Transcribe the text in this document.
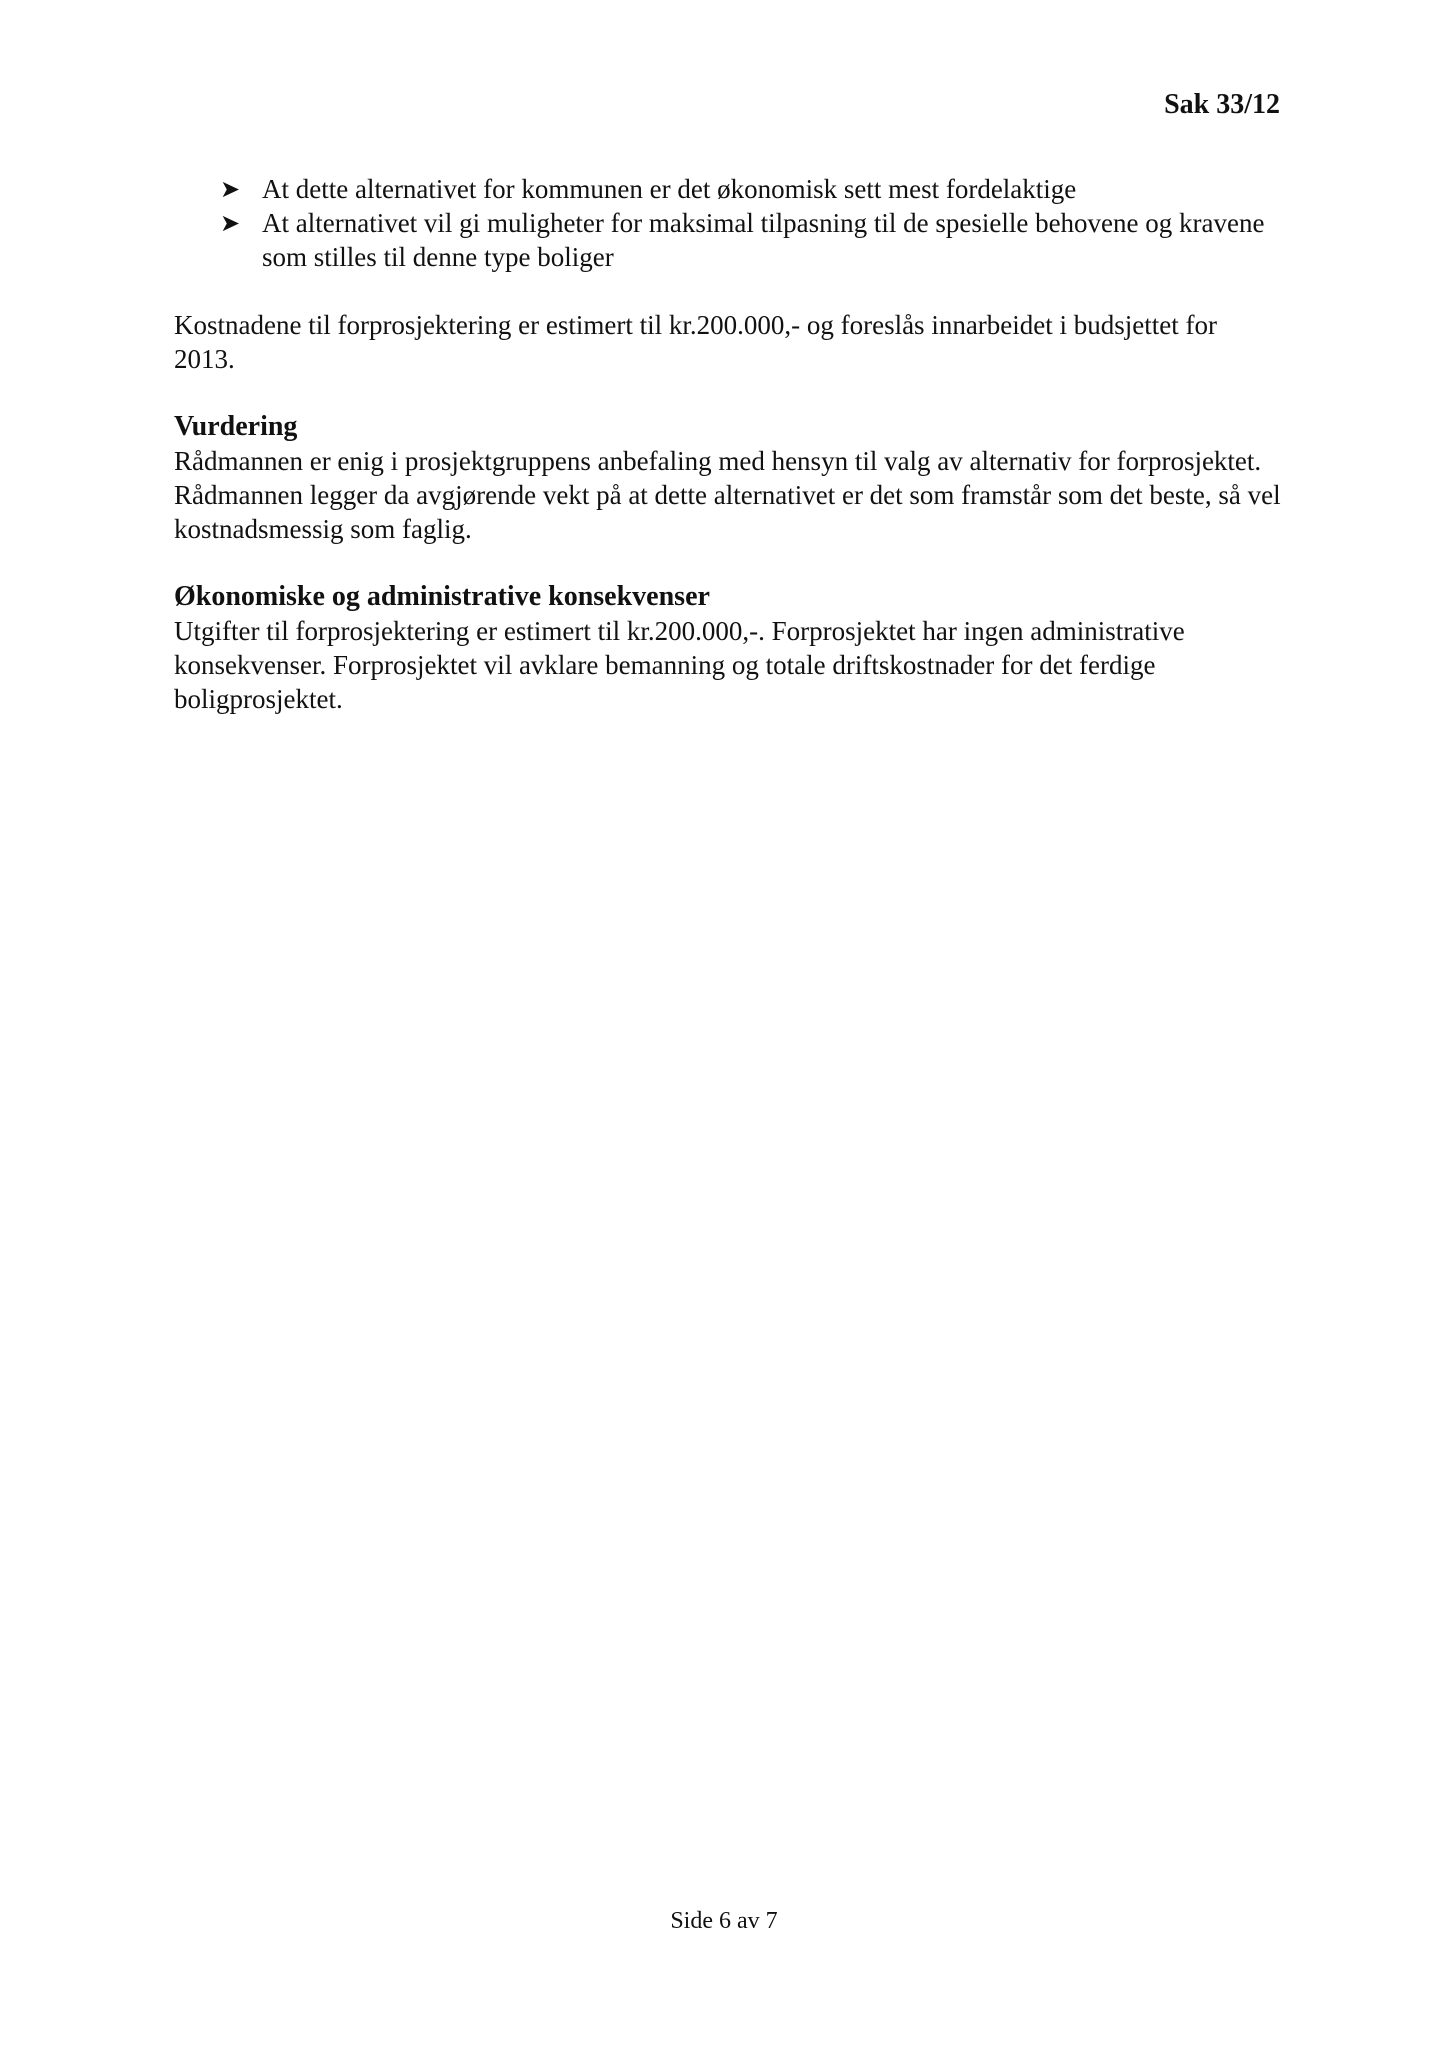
Sak 33/12
➤ At dette alternativet for kommunen er det økonomisk sett mest fordelaktige
➤ At alternativet vil gi muligheter for maksimal tilpasning til de spesielle behovene og kravene som stilles til denne type boliger

Kostnadene til forprosjektering er estimert til kr.200.000,- og foreslås innarbeidet i budsjettet for 2013.

Vurdering
Rådmannen er enig i prosjektgruppens anbefaling med hensyn til valg av alternativ for forprosjektet. Rådmannen legger da avgjørende vekt på at dette alternativet er det som framstår som det beste, så vel kostnadsmessig som faglig.
Økonomiske og administrative konsekvenser
Utgifter til forprosjektering er estimert til kr.200.000,-. Forprosjektet har ingen administrative konsekvenser. Forprosjektet vil avklare bemanning og totale driftskostnader for det ferdige boligprosjektet.
Side 6 av 7
